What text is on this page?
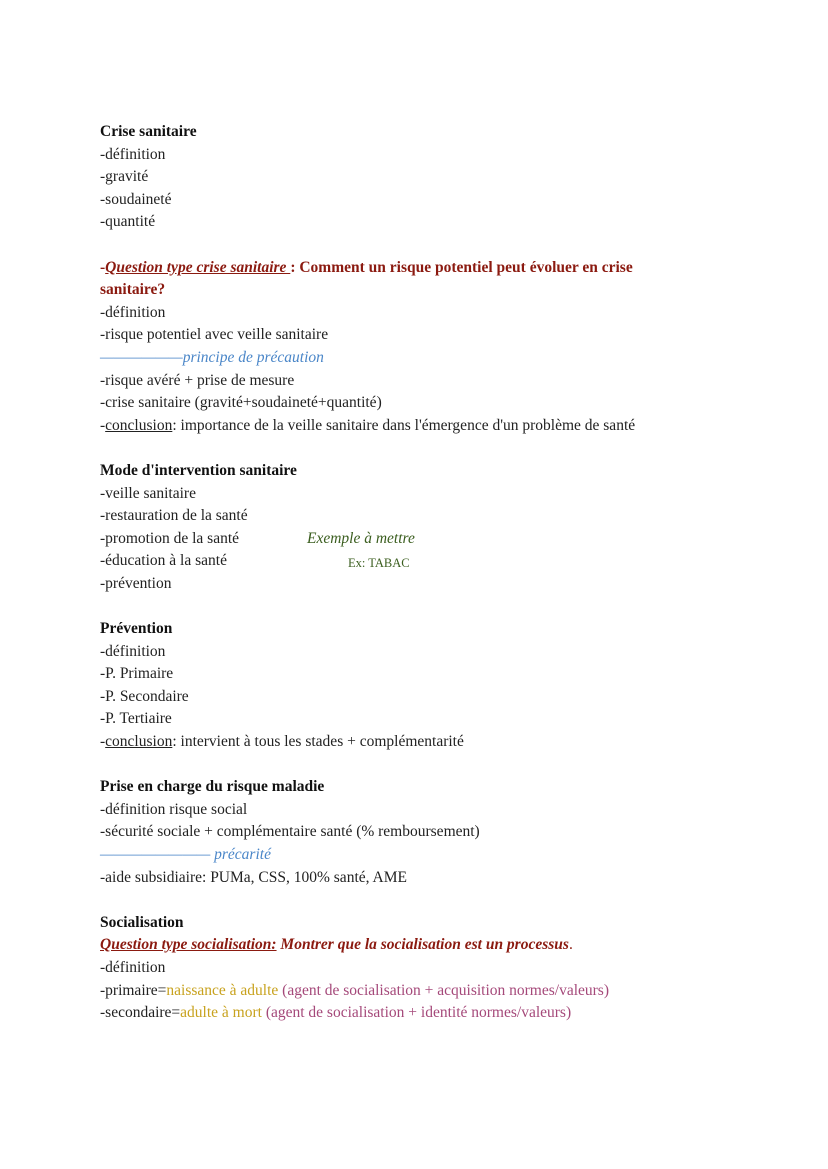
Crise sanitaire
-définition
-gravité
-soudaineté
-quantité
-Question type crise sanitaire : Comment un risque potentiel peut évoluer en crise
sanitaire?
-définition
-risque potentiel avec veille sanitaire
——————principe de précaution
-risque avéré + prise de mesure
-crise sanitaire (gravité+soudaineté+quantité)
-conclusion: importance de la veille sanitaire dans l'émergence d'un problème de santé
Mode d'intervention sanitaire
-veille sanitaire
-restauration de la santé
-promotion de la santé	Exemple à mettre
-éducation à la santé	Ex: TABAC
-prévention
Prévention
-définition
-P. Primaire
-P. Secondaire
-P. Tertiaire
-conclusion: intervient à tous les stades + complémentarité
Prise en charge du risque maladie
-définition risque social
-sécurité sociale + complémentaire santé (% remboursement)
———————— précarité
-aide subsidiaire: PUMa, CSS, 100% santé, AME
Socialisation
Question type socialisation: Montrer que la socialisation est un processus.
-définition
-primaire=naissance à adulte (agent de socialisation + acquisition normes/valeurs)
-secondaire=adulte à mort (agent de socialisation + identité normes/valeurs)
